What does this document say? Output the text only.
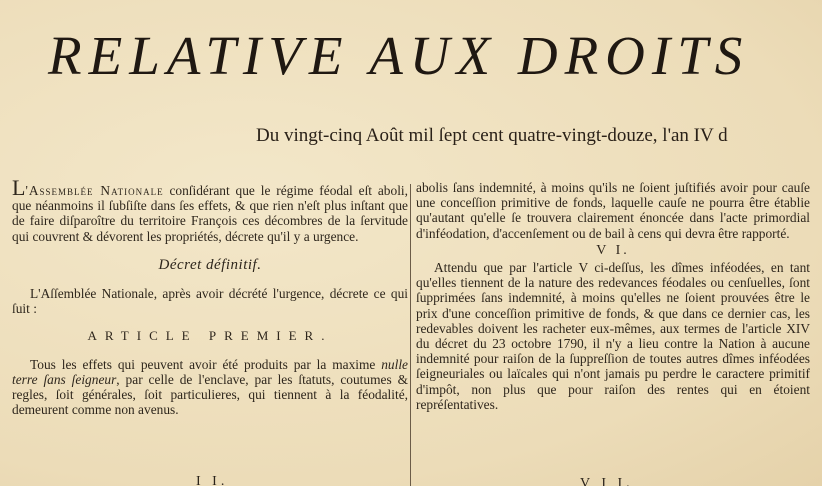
RELATIVE AUX DROITS
Du vingt-cinq Août mil ſept cent quatre-vingt-douze, l'an IV d

L'Assemblée Nationale conſidérant que le régime féodal eſt aboli, que néanmoins il ſubſiſte dans ſes effets, & que rien n'eſt plus inſtant que de faire diſparoître du territoire François ces décombres de la ſervitude qui couvrent & dévorent les propriétés, décrete qu'il y a urgence.

Décret définitif.

L'Aſſemblée Nationale, après avoir décrété l'urgence, décrete ce qui ſuit :

ARTICLE PREMIER.

Tous les effets qui peuvent avoir été produits par la maxime nulle terre ſans ſeigneur, par celle de l'enclave, par les ſtatuts, coutumes & regles, ſoit générales, ſoit particulieres, qui tiennent à la féodalité, demeurent comme non avenus.

I I.

abolis ſans indemnité, à moins qu'ils ne ſoient juſtifiés avoir pour cauſe une conceſſion primitive de fonds, laquelle cauſe ne pourra être établie qu'autant qu'elle ſe trouvera clairement énoncée dans l'acte primordial d'inféodation, d'accenſement ou de bail à cens qui devra être rapporté.

V I.

Attendu que par l'article V ci-deſſus, les dîmes inféodées, en tant qu'elles tiennent de la nature des redevances féodales ou cenſuelles, ſont ſupprimées ſans indemnité, à moins qu'elles ne ſoient prouvées être le prix d'une conceſſion primitive de fonds, & que dans ce dernier cas, les redevables doivent les racheter eux-mêmes, aux termes de l'article XIV du décret du 23 octobre 1790, il n'y a lieu contre la Nation à aucune indemnité pour raiſon de la ſuppreſſion de toutes autres dîmes inféodées ſeigneuriales ou laïcales qui n'ont jamais pu perdre le caractere primitif d'impôt, non plus que pour raiſon des rentes qui en étoient repréſentatives.

V I I.
